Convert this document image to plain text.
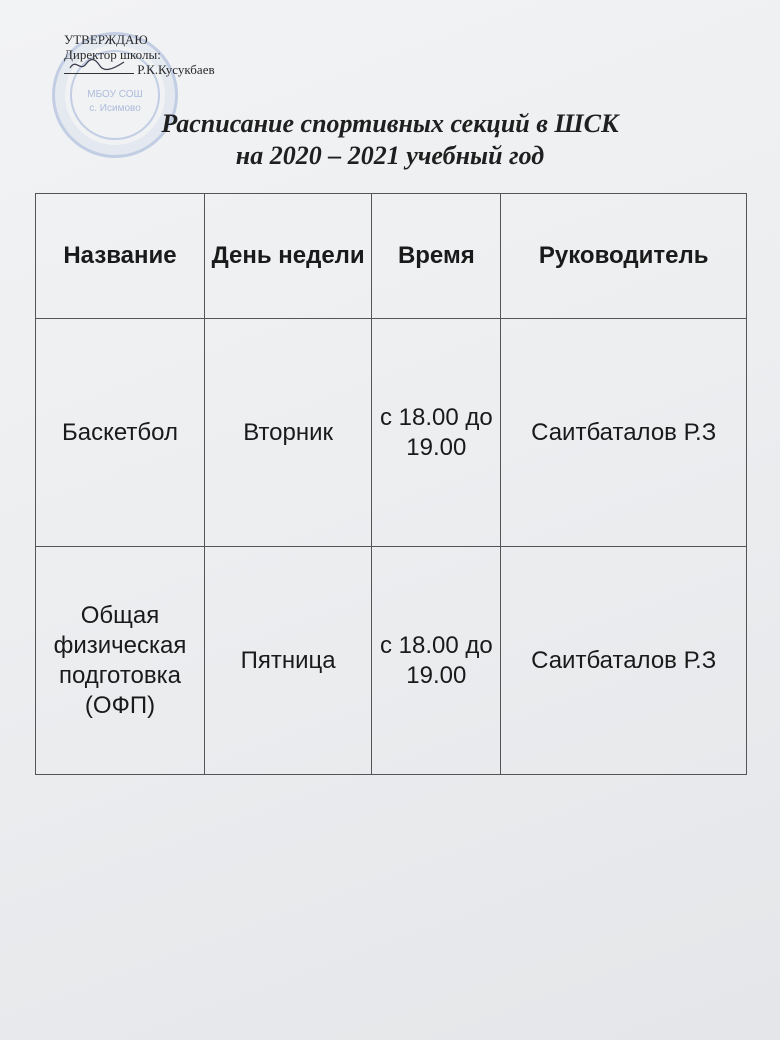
МБОУ СОШ
с. Исимово
УТВЕРЖДАЮ
Директор школы:
Р.К.Кусукбаев
Расписание спортивных секций в ШСК
на 2020 – 2021 учебный год
Название	День недели	Время	Руководитель
Баскетбол	Вторник	с 18.00 до 19.00	Саитбаталов Р.З
Общая физическая подготовка (ОФП)	Пятница	с 18.00 до 19.00	Саитбаталов Р.З
